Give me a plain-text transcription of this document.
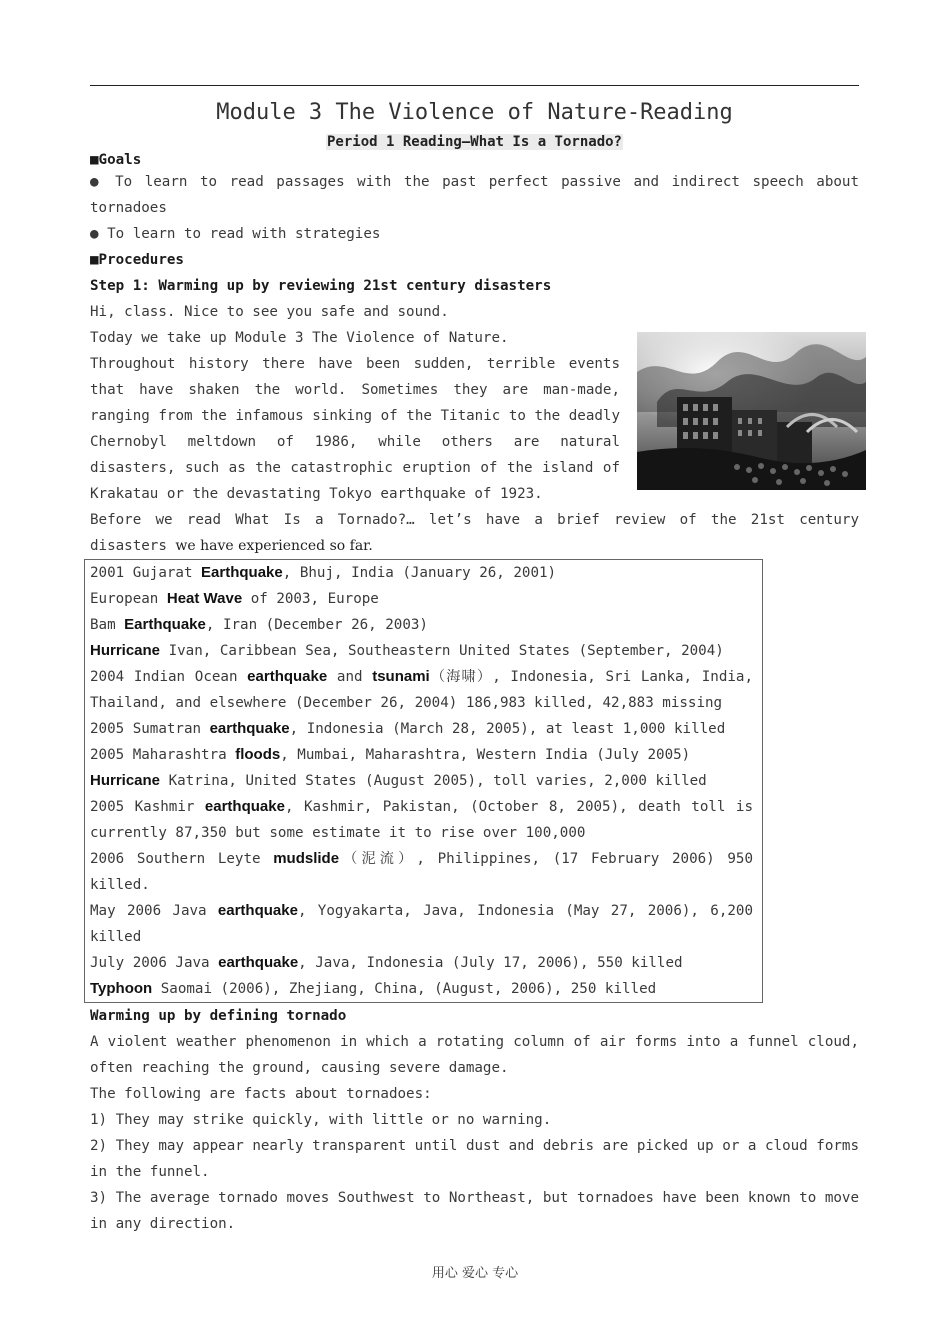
Module 3 The Violence of Nature-Reading
Period 1 Reading—What Is a Tornado?
■Goals
● To learn to read passages with the past perfect passive and indirect speech about
tornadoes
● To learn to read with strategies
■Procedures
Step 1: Warming up by reviewing 21st century disasters
Hi, class. Nice to see you safe and sound.
Today we take up Module 3 The Violence of Nature.
Throughout history there have been sudden, terrible events
that have shaken the world. Sometimes they are man-made,
ranging from the infamous sinking of the Titanic to the deadly
Chernobyl meltdown of 1986, while others are natural
disasters, such as the catastrophic eruption of the island of
Krakatau or the devastating Tokyo earthquake of 1923.
Before we read What Is a Tornado?… let’s have a brief review of the 21st century
disasters we have experienced so far.
2001 Gujarat Earthquake, Bhuj, India (January 26, 2001)
European Heat Wave of 2003, Europe
Bam Earthquake, Iran (December 26, 2003)
Hurricane Ivan, Caribbean Sea, Southeastern United States (September, 2004)
2004 Indian Ocean earthquake and tsunami（海啸）, Indonesia, Sri Lanka, India,
Thailand, and elsewhere (December 26, 2004) 186,983 killed, 42,883 missing
2005 Sumatran earthquake, Indonesia (March 28, 2005), at least 1,000 killed
2005 Maharashtra floods, Mumbai, Maharashtra, Western India (July 2005)
Hurricane Katrina, United States (August 2005), toll varies, 2,000 killed
2005 Kashmir earthquake, Kashmir, Pakistan, (October 8, 2005), death toll is
currently 87,350 but some estimate it to rise over 100,000
2006 Southern Leyte mudslide（泥流）, Philippines, (17 February 2006) 950
killed.
May 2006 Java earthquake, Yogyakarta, Java, Indonesia (May 27, 2006), 6,200
killed
July 2006 Java earthquake, Java, Indonesia (July 17, 2006), 550 killed
Typhoon Saomai (2006), Zhejiang, China, (August, 2006), 250 killed
Warming up by defining tornado
A violent weather phenomenon in which a rotating column of air forms into a funnel cloud,
often reaching the ground, causing severe damage.
The following are facts about tornadoes:
1) They may strike quickly, with little or no warning.
2) They may appear nearly transparent until dust and debris are picked up or a cloud forms
in the funnel.
3) The average tornado moves Southwest to Northeast, but tornadoes have been known to move
in any direction.
用心 爱心 专心
